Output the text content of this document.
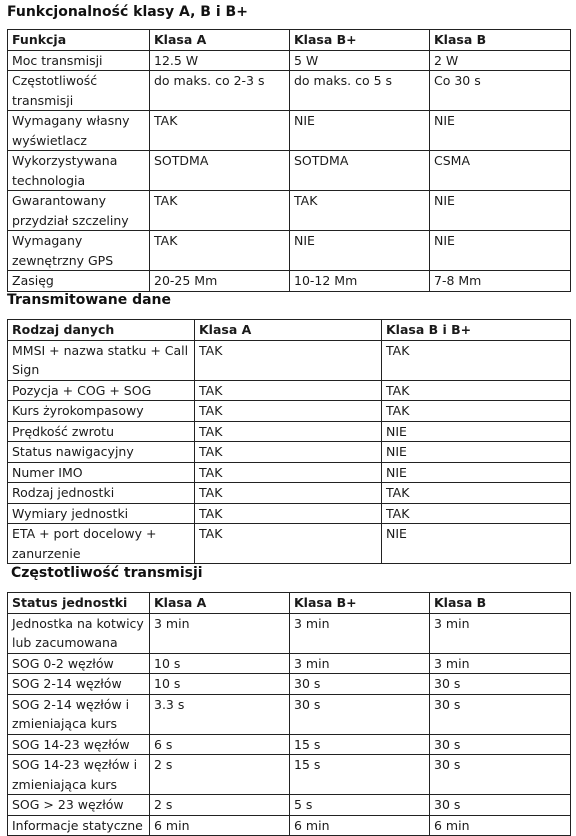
Funkcjonalność klasy A, B i B+
Funkcja	Klasa A	Klasa B+	Klasa B
Moc transmisji	12.5 W	5 W	2 W
Częstotliwość transmisji	do maks. co 2-3 s	do maks. co 5 s	Co 30 s
Wymagany własny wyświetlacz	TAK	NIE	NIE
Wykorzystywana technologia	SOTDMA	SOTDMA	CSMA
Gwarantowany przydział szczeliny	TAK	TAK	NIE
Wymagany zewnętrzny GPS	TAK	NIE	NIE
Zasięg	20-25 Mm	10-12 Mm	7-8 Mm
Transmitowane dane
Rodzaj danych	Klasa A	Klasa B i B+
MMSI + nazwa statku + Call Sign	TAK	TAK
Pozycja + COG + SOG	TAK	TAK
Kurs żyrokompasowy	TAK	TAK
Prędkość zwrotu	TAK	NIE
Status nawigacyjny	TAK	NIE
Numer IMO	TAK	NIE
Rodzaj jednostki	TAK	TAK
Wymiary jednostki	TAK	TAK
ETA + port docelowy + zanurzenie	TAK	NIE
Częstotliwość transmisji
Status jednostki	Klasa A	Klasa B+	Klasa B
Jednostka na kotwicy lub zacumowana	3 min	3 min	3 min
SOG 0-2 węzłów	10 s	3 min	3 min
SOG 2-14 węzłów	10 s	30 s	30 s
SOG 2-14 węzłów i zmieniająca kurs	3.3 s	30 s	30 s
SOG 14-23 węzłów	6 s	15 s	30 s
SOG 14-23 węzłów i zmieniająca kurs	2 s	15 s	30 s
SOG > 23 węzłów	2 s	5 s	30 s
Informacje statyczne	6 min	6 min	6 min
